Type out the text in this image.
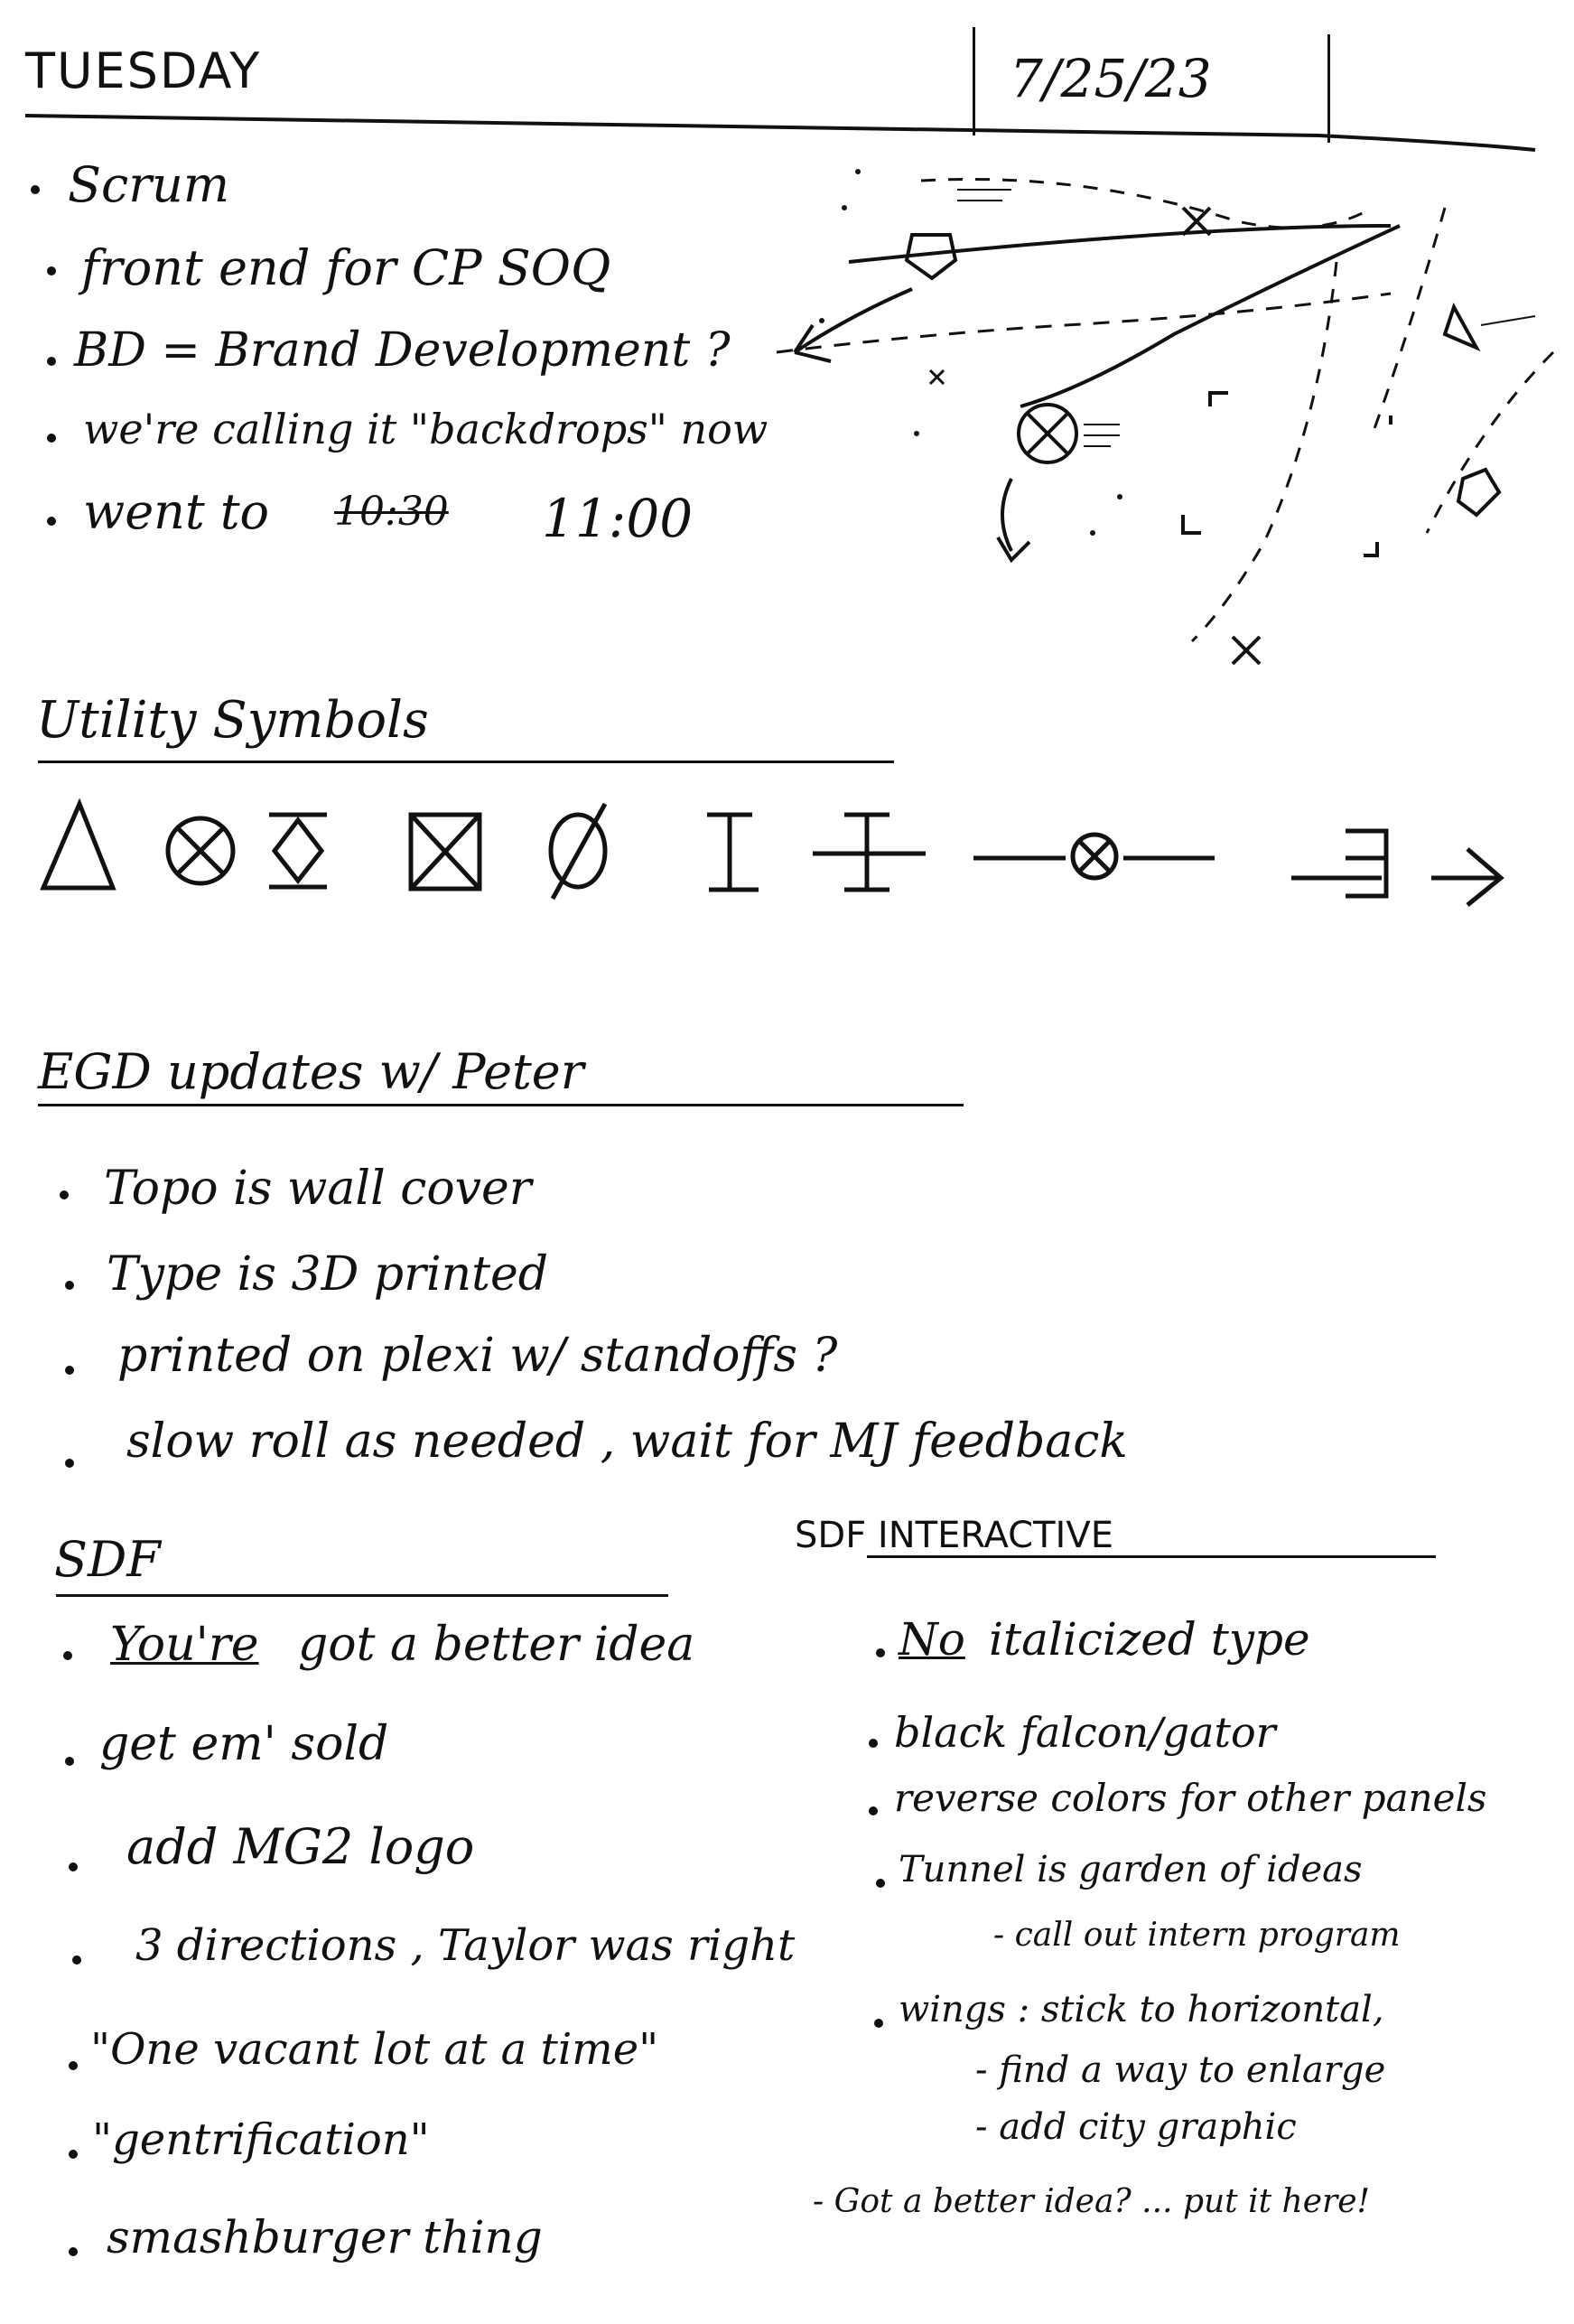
TUESDAY	7/25/23
Scrum
front end for CP SOQ
BD = Brand Development ?
we're calling it "backdrops" now
went to 10:30 11:00
Utility Symbols
EGD updates w/ Peter
Topo is wall cover
Type is 3D printed
printed on plexi w/ standoffs ?
slow roll as needed , wait for MJ feedback
SDF
You're got a better idea
get em' sold
add MG2 logo
3 directions , Taylor was right
"One vacant lot at a time"
"gentrification"
smashburger thing
SDF INTERACTIVE
No italicized type
black falcon/gator
reverse colors for other panels
Tunnel is garden of ideas
- call out intern program
wings : stick to horizontal,
- find a way to enlarge
- add city graphic
- Got a better idea? ... put it here!
